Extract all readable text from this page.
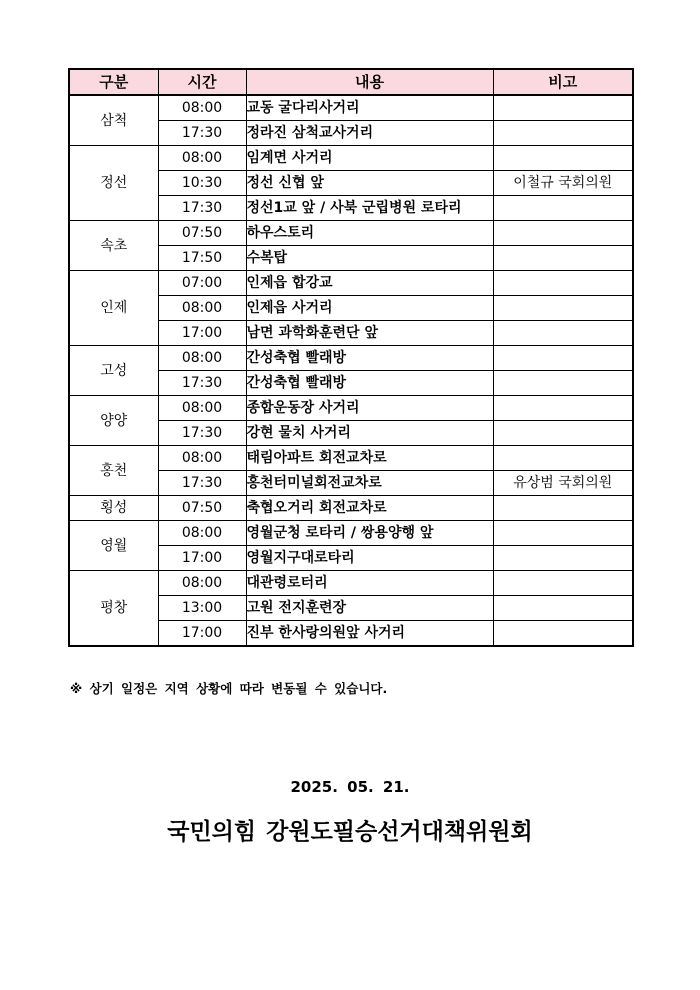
구분	시간	내용	비고
삼척	08:00	교동 굴다리사거리	
	17:30	정라진 삼척교사거리	
정선	08:00	임계면 사거리	
	10:30	정선 신협 앞	이철규 국회의원
	17:30	정선1교 앞 / 사북 군립병원 로타리	
속초	07:50	하우스토리	
	17:50	수복탑	
인제	07:00	인제읍 합강교	
	08:00	인제읍 사거리	
	17:00	남면 과학화훈련단 앞	
고성	08:00	간성축협 빨래방	
	17:30	간성축협 빨래방	
양양	08:00	종합운동장 사거리	
	17:30	강현 물치 사거리	
홍천	08:00	태림아파트 회전교차로	
	17:30	홍천터미널회전교차로	유상범 국회의원
횡성	07:50	축협오거리 회전교차로	
영월	08:00	영월군청 로타리 / 쌍용양행 앞	
	17:00	영월지구대로타리	
평창	08:00	대관령로터리	
	13:00	고원 전지훈련장	
	17:00	진부 한사랑의원앞 사거리	
※ 상기 일정은 지역 상황에 따라 변동될 수 있습니다.
2025. 05. 21.
국민의힘 강원도필승선거대책위원회
